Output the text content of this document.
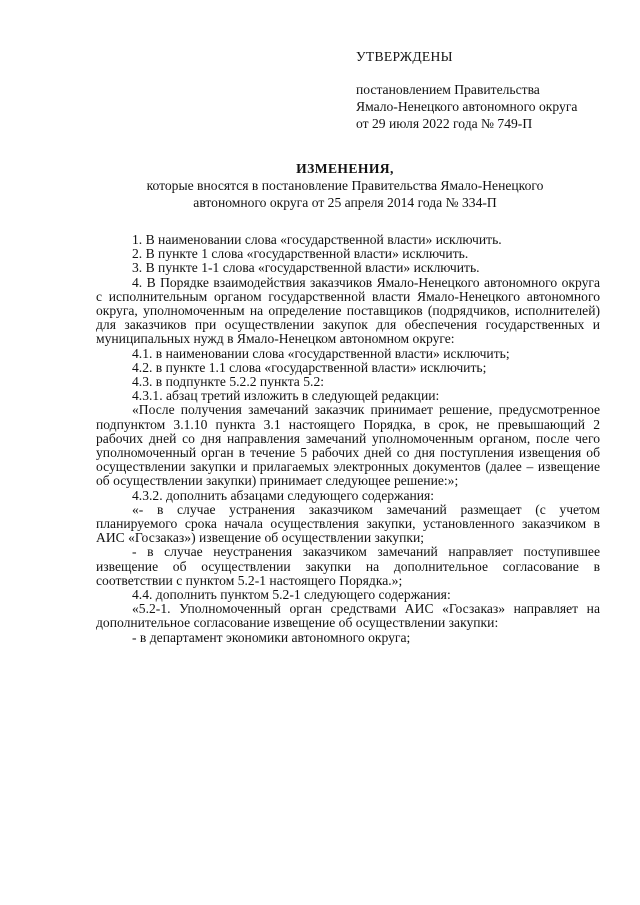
УТВЕРЖДЕНЫ
постановлением Правительства
Ямало-Ненецкого автономного округа
от 29 июля 2022 года № 749-П
ИЗМЕНЕНИЯ,
которые вносятся в постановление Правительства Ямало-Ненецкого
автономного округа от 25 апреля 2014 года № 334-П

1. В наименовании слова «государственной власти» исключить.

2. В пункте 1 слова «государственной власти» исключить.

3. В пункте 1-1 слова «государственной власти» исключить.

4. В Порядке взаимодействия заказчиков Ямало-Ненецкого автономного округа с исполнительным органом государственной власти Ямало-Ненецкого автономного округа, уполномоченным на определение поставщиков (подрядчиков, исполнителей) для заказчиков при осуществлении закупок для обеспечения государственных и муниципальных нужд в Ямало-Ненецком автономном округе:

4.1. в наименовании слова «государственной власти» исключить;

4.2. в пункте 1.1 слова «государственной власти» исключить;

4.3. в подпункте 5.2.2 пункта 5.2:

4.3.1. абзац третий изложить в следующей редакции:

«После получения замечаний заказчик принимает решение, предусмотренное подпунктом 3.1.10 пункта 3.1 настоящего Порядка, в срок, не превышающий 2 рабочих дней со дня направления замечаний уполномоченным органом, после чего уполномоченный орган в течение 5 рабочих дней со дня поступления извещения об осуществлении закупки и прилагаемых электронных документов (далее – извещение об осуществлении закупки) принимает следующее решение:»;

4.3.2. дополнить абзацами следующего содержания:

«- в случае устранения заказчиком замечаний размещает (с учетом планируемого срока начала осуществления закупки, установленного заказчиком в АИС «Госзаказ») извещение об осуществлении закупки;

- в случае неустранения заказчиком замечаний направляет поступившее извещение об осуществлении закупки на дополнительное согласование в соответствии с пунктом 5.2-1 настоящего Порядка.»;

4.4. дополнить пунктом 5.2-1 следующего содержания:

«5.2-1. Уполномоченный орган средствами АИС «Госзаказ» направляет на дополнительное согласование извещение об осуществлении закупки:

- в департамент экономики автономного округа;
